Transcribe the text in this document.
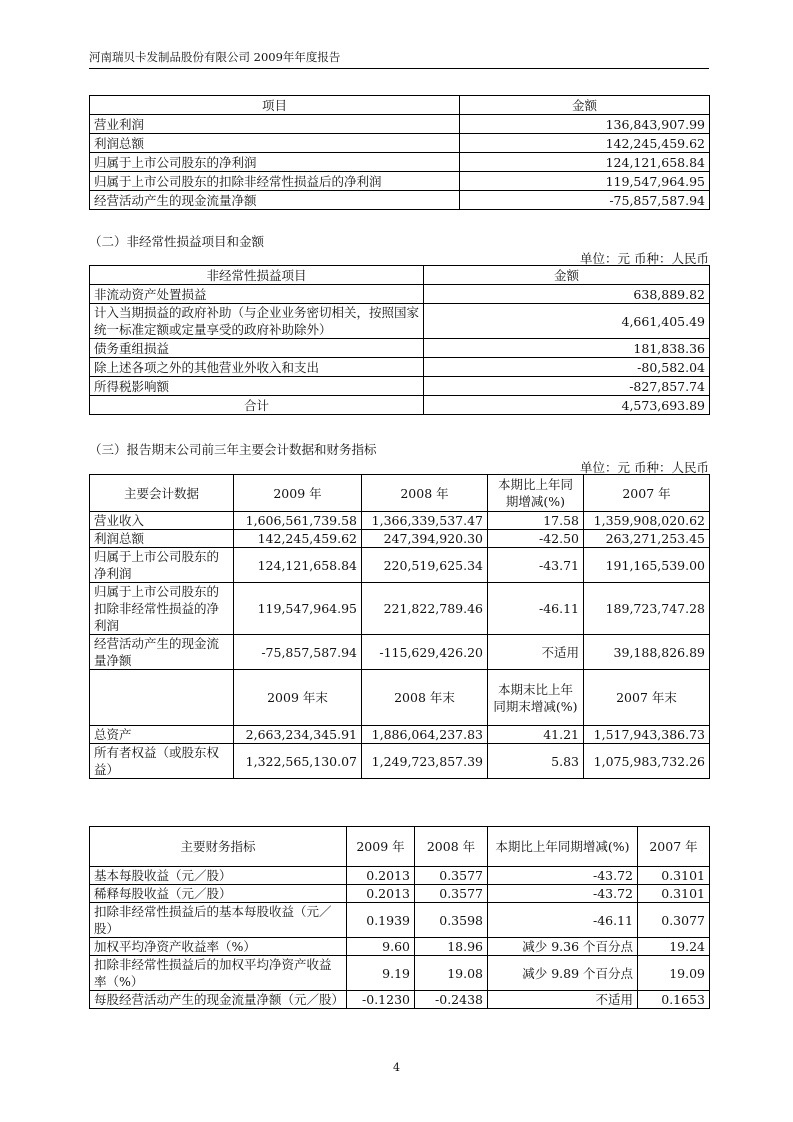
河南瑞贝卡发制品股份有限公司 2009年年度报告
项目	金额
营业利润	136,843,907.99
利润总额	142,245,459.62
归属于上市公司股东的净利润	124,121,658.84
归属于上市公司股东的扣除非经常性损益后的净利润	119,547,964.95
经营活动产生的现金流量净额	-75,857,587.94
（二）非经常性损益项目和金额
单位：元 币种：人民币
非经常性损益项目	金额
非流动资产处置损益	638,889.82
计入当期损益的政府补助（与企业业务密切相关，按照国家统一标准定额或定量享受的政府补助除外）	4,661,405.49
债务重组损益	181,838.36
除上述各项之外的其他营业外收入和支出	-80,582.04
所得税影响额	-827,857.74
合计	4,573,693.89
（三）报告期末公司前三年主要会计数据和财务指标
单位：元 币种：人民币
主要会计数据	2009 年	2008 年	本期比上年同期增减(%)	2007 年
营业收入	1,606,561,739.58	1,366,339,537.47	17.58	1,359,908,020.62
利润总额	142,245,459.62	247,394,920.30	-42.50	263,271,253.45
归属于上市公司股东的净利润	124,121,658.84	220,519,625.34	-43.71	191,165,539.00
归属于上市公司股东的扣除非经常性损益的净利润	119,547,964.95	221,822,789.46	-46.11	189,723,747.28
经营活动产生的现金流量净额	-75,857,587.94	-115,629,426.20	不适用	39,188,826.89
	2009 年末	2008 年末	本期末比上年同期末增减(%)	2007 年末
总资产	2,663,234,345.91	1,886,064,237.83	41.21	1,517,943,386.73
所有者权益（或股东权益）	1,322,565,130.07	1,249,723,857.39	5.83	1,075,983,732.26
主要财务指标	2009 年	2008 年	本期比上年同期增减(%)	2007 年
基本每股收益（元／股）	0.2013	0.3577	-43.72	0.3101
稀释每股收益（元／股）	0.2013	0.3577	-43.72	0.3101
扣除非经常性损益后的基本每股收益（元／股）	0.1939	0.3598	-46.11	0.3077
加权平均净资产收益率（%）	9.60	18.96	减少 9.36 个百分点	19.24
扣除非经常性损益后的加权平均净资产收益率（%）	9.19	19.08	减少 9.89 个百分点	19.09
每股经营活动产生的现金流量净额（元／股）	-0.1230	-0.2438	不适用	0.1653
4
